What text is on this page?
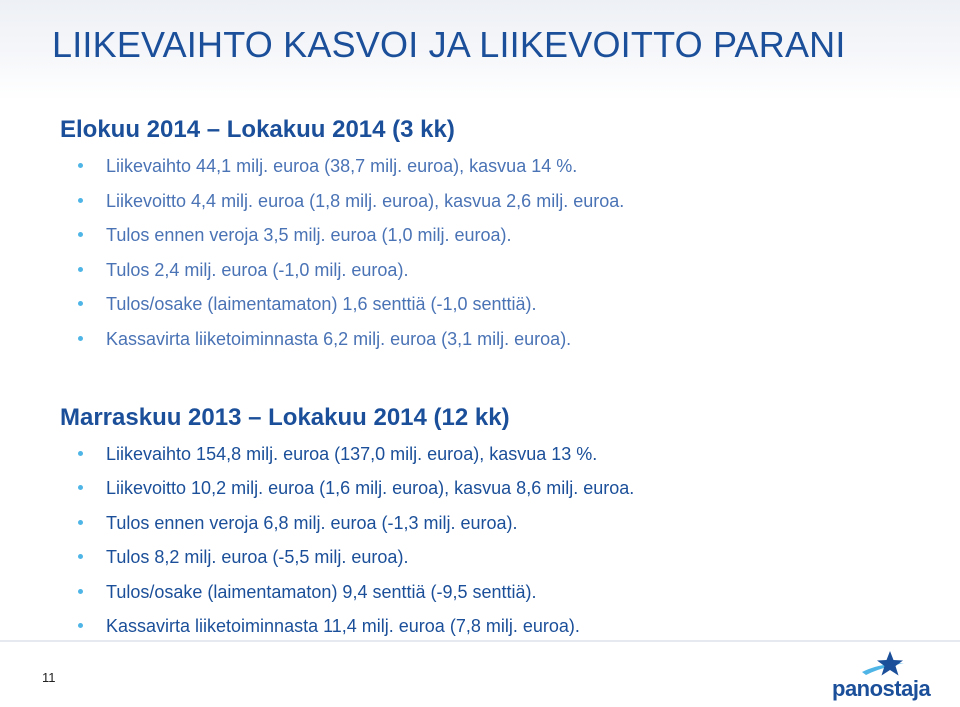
LIIKEVAIHTO KASVOI JA LIIKEVOITTO PARANI
Elokuu 2014 – Lokakuu 2014 (3 kk)
Liikevaihto 44,1 milj. euroa (38,7 milj. euroa), kasvua 14 %.
Liikevoitto 4,4 milj. euroa (1,8 milj. euroa), kasvua 2,6 milj. euroa.
Tulos ennen veroja 3,5 milj. euroa (1,0 milj. euroa).
Tulos 2,4 milj. euroa (-1,0 milj. euroa).
Tulos/osake (laimentamaton) 1,6 senttiä (-1,0 senttiä).
Kassavirta liiketoiminnasta 6,2 milj. euroa (3,1 milj. euroa).
Marraskuu 2013 – Lokakuu 2014 (12 kk)
Liikevaihto 154,8 milj. euroa (137,0 milj. euroa), kasvua 13 %.
Liikevoitto 10,2 milj. euroa (1,6 milj. euroa), kasvua 8,6 milj. euroa.
Tulos ennen veroja 6,8 milj. euroa (-1,3 milj. euroa).
Tulos 8,2 milj. euroa (-5,5 milj. euroa).
Tulos/osake (laimentamaton) 9,4 senttiä (-9,5 senttiä).
Kassavirta liiketoiminnasta 11,4 milj. euroa (7,8 milj. euroa).
11	panostaja
